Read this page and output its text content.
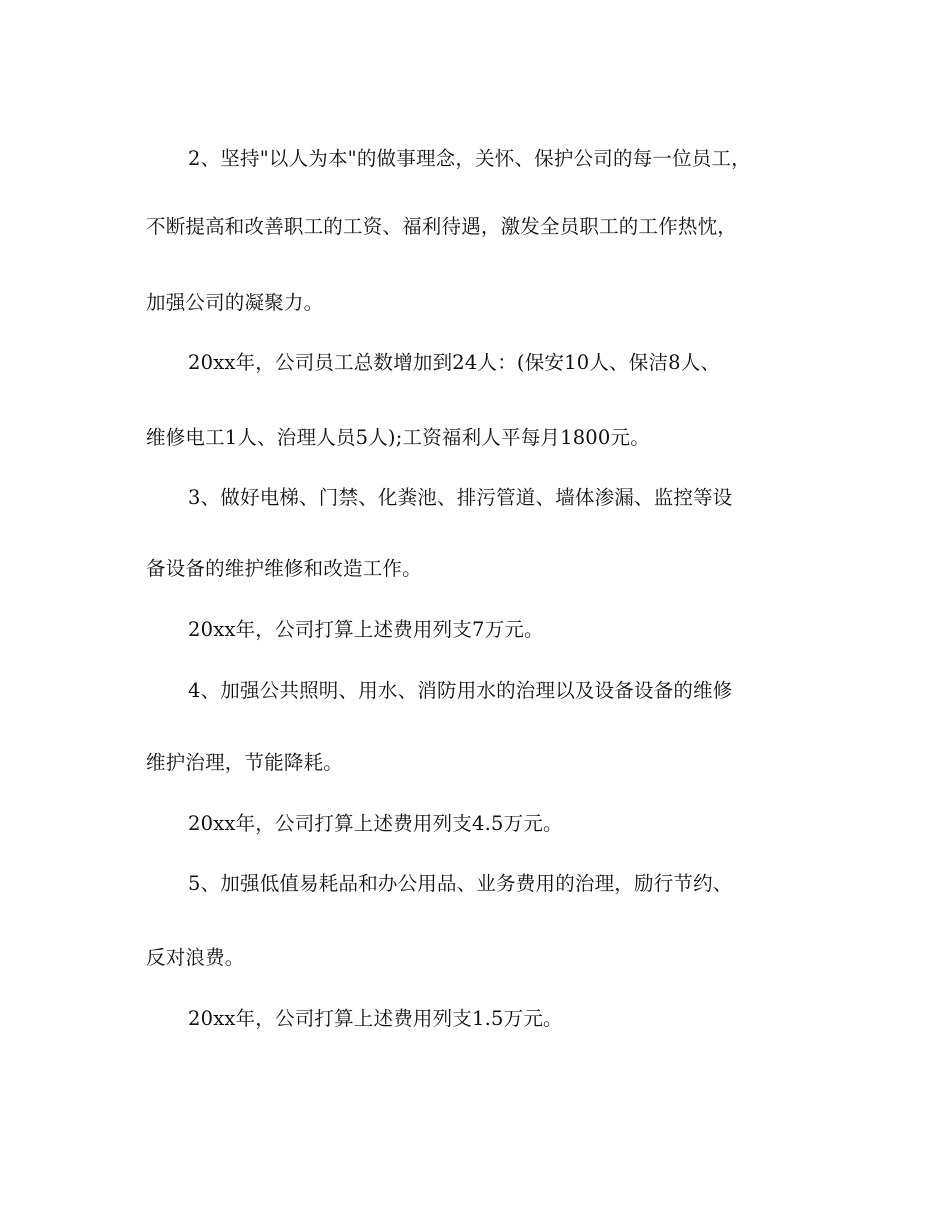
2、坚持"以人为本"的做事理念，关怀、保护公司的每一位员工，
不断提高和改善职工的工资、福利待遇，激发全员职工的工作热忱，
加强公司的凝聚力。
20xx年，公司员工总数增加到24人：(保安10人、保洁8人、
维修电工1人、治理人员5人);工资福利人平每月1800元。
3、做好电梯、门禁、化粪池、排污管道、墙体渗漏、监控等设
备设备的维护维修和改造工作。
20xx年，公司打算上述费用列支7万元。
4、加强公共照明、用水、消防用水的治理以及设备设备的维修
维护治理，节能降耗。
20xx年，公司打算上述费用列支4.5万元。
5、加强低值易耗品和办公用品、业务费用的治理，励行节约、
反对浪费。
20xx年，公司打算上述费用列支1.5万元。
